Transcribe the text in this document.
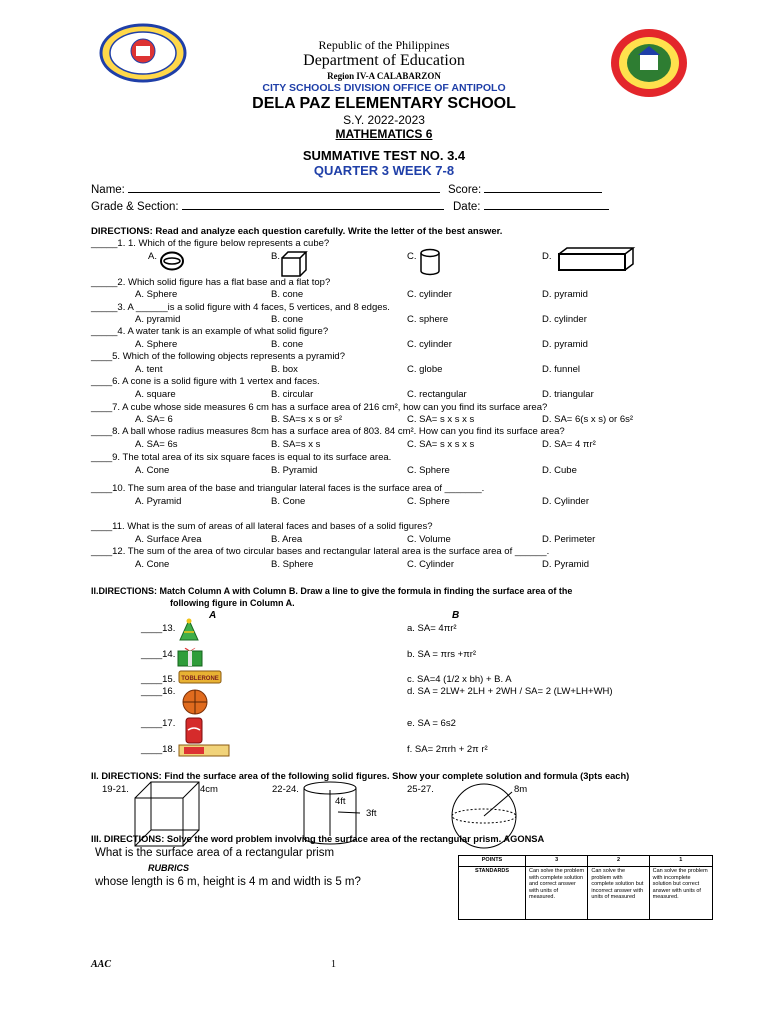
Republic of the Philippines
Department of Education
Region IV-A CALABARZON
CITY SCHOOLS DIVISION OFFICE OF ANTIPOLO
DELA PAZ ELEMENTARY SCHOOL
S.Y. 2022-2023
MATHEMATICS 6
SUMMATIVE TEST NO. 3.4
QUARTER 3 WEEK 7-8
Name:	Score:
Grade & Section:	Date:
DIRECTIONS: Read and analyze each question carefully. Write the letter of the best answer.
_____1. 1. Which of the figure below represents a cube?
A.	B.	C.	D.
_____2. Which solid figure has a flat base and a flat top?
A. Sphere	B. cone	C. cylinder	D. pyramid
_____3. A ______is a solid figure with 4 faces, 5 vertices, and 8 edges.
A. pyramid	B. cone	C. sphere	D. cylinder
_____4. A water tank is an example of what solid figure?
A. Sphere	B. cone	C. cylinder	D. pyramid
____5. Which of the following objects represents a pyramid?
A. tent	B. box	C. globe	D. funnel
____6. A cone is a solid figure with 1 vertex and faces.
A. square	B. circular	C. rectangular	D. triangular
____7. A cube whose side measures 6 cm has a surface area of 216 cm², how can you find its surface area?
A. SA= 6	B. SA=s x s or s²	C. SA= s x s x s	D. SA= 6(s x s) or 6s²
____8. A ball whose radius measures 8cm has a surface area of 803. 84 cm². How can you find its surface area?
A. SA= 6s	B. SA=s x s	C. SA= s x s x s	D. SA= 4 πr²
____9. The total area of its six square faces is equal to its surface area.
A. Cone	B. Pyramid	C. Sphere	D. Cube
____10. The sum area of the base and triangular lateral faces is the surface area of _______.
A. Pyramid	B. Cone	C. Sphere	D. Cylinder
____11. What is the sum of areas of all lateral faces and bases of a solid figures?
A. Surface Area	B. Area	C. Volume	D. Perimeter
____12. The sum of the area of two circular bases and rectangular lateral area is the surface area of ______.
A. Cone	B. Sphere	C. Cylinder	D. Pyramid
II.DIRECTIONS: Match Column A with Column B. Draw a line to give the formula in finding the surface area of the
following figure in Column A.
A	B
____13.
____14.
____15.
____16.
____17.
____18.
TOBLERONE
a. SA= 4πr²
b. SA = πrs +πr²
c. SA=4 (1/2 x bh) + B. A
d. SA = 2LW+ 2LH + 2WH / SA= 2 (LW+LH+WH)
e. SA = 6s2
f. SA= 2πrh + 2π r²
II. DIRECTIONS: Find the surface area of the following solid figures. Show your complete solution and formula (3pts each)
19-21.	22-24.	25-27.
4cm
4ft
3ft
8m
III. DIRECTIONS: Solve the word problem involving the surface area of the rectangular prism. AGONSA
What is the surface area of a rectangular prism
RUBRICS
whose length is 6 m, height is 4 m and width is 5 m?
POINTS	3	2	1
STANDARDS	Can solve the problem with complete solution and correct answer with units of measured.	Can solve the problem with complete solution but incorrect answer with units of measured	Can solve the problem with incomplete solution but correct answer with units of measured.
AAC	1
